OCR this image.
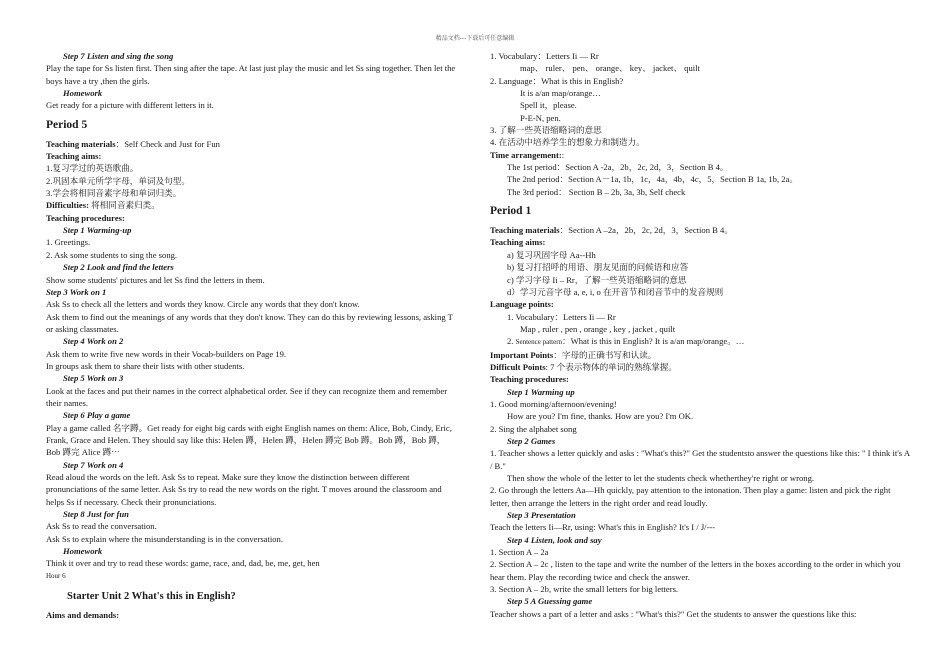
精品文档---下载后可任意编辑

Step 7 Listen and sing the song

Play the tape for Ss listen first. Then sing after the tape. At last just play the music and let Ss sing together. Then let the boys have a try ,then the girls.

Homework

Get ready for a picture with different letters in it.

Period 5

Teaching materials：Self Check and Just for Fun

Teaching aims:

1.复习学过的英语歌曲。

2.巩固本单元所学字母，单词及句型。

3.学会将相同音素字母和单词归类。

Difficulties: 将相同音素归类。

Teaching procedures:

Step 1 Warming-up

1. Greetings.

2. Ask some students to sing the song.

Step 2 Look and find the letters

Show some students' pictures and let Ss find the letters in them.

Step 3 Work on 1

Ask Ss to check all the letters and words they know. Circle any words that they don't know.

Ask them to find out the meanings of any words that they don't know. They can do this by reviewing lessons, asking T or asking classmates.

Step 4 Work on 2

Ask them to write five new words in their Vocab-builders on Page 19.

In groups ask them to share their lists with other students.

Step 5 Work on 3

Look at the faces and put their names in the correct alphabetical order. See if they can recognize them and remember their names.

Step 6 Play a game

Play a game called 名字蹲。Get ready for eight big cards with eight English names on them: Alice, Bob, Cindy, Eric, Frank, Grace and Helen. They should say like this: Helen 蹲，Helen 蹲，Helen 蹲完 Bob 蹲。Bob 蹲，Bob 蹲，Bob 蹲完 Alice 蹲⋯

Step 7 Work on 4

Read aloud the words on the left. Ask Ss to repeat. Make sure they know the distinction between different pronunciations of the same letter. Ask Ss try to read the new words on the right. T moves around the classroom and helps Ss if necessary. Check their pronunciations.

Step 8 Just for fun

Ask Ss to read the conversation.

Ask Ss to explain where the misunderstanding is in the conversation.

Homework

Think it over and try to read these words: game, race, and, dad, be, me, get, hen

Hour 6

Starter Unit 2 What's this in English?

Aims and demands:

1. Vocabulary：Letters Ii — Rr

map、 ruler、 pen、 orange、 key、 jacket、 quilt

2. Language：What is this in English?

It is a/an map/orange…

Spell it，please.

P-E-N, pen.

3. 了解一些英语缩略词的意思

4. 在活动中培养学生的想象力和制造力。

Time arrangement::

The 1st period：Section A -2a，2b，2c, 2d，3，Section B 4。

The 2nd period：Section A－1a, 1b，1c，4a，4b，4c，5，Section B 1a, 1b, 2a。

The 3rd period： Section B – 2b, 3a, 3b, Self check

Period 1

Teaching materials：Section A –2a，2b，2c, 2d，3，Section B 4。

Teaching aims:

a) 复习巩固字母 Aa--Hh

b) 复习打招呼的用语、朋友见面的问候语和应答

c) 学习字母 Ii – Rr，了解一些英语缩略词的意思

d）学习元音字母 a, e, i, o 在开音节和闭音节中的发音规则

Language points:

1. Vocabulary：Letters Ii — Rr

Map , ruler , pen , orange , key , jacket , quilt

2. Sentence pattern：What is this in English? It is a/an map/orange。…

Important Points：字母的正确书写和认读。

Difficult Points: 7 个表示物体的单词的熟练掌握。

Teaching procedures:

Step 1 Warming up

1. Good morning/afternoon/evening!

How are you? I'm fine, thanks. How are you? I'm OK.

2. Sing the alphabet song

Step 2 Games

1. Teacher shows a letter quickly and asks : "What's this?" Get the studentsto answer the questions like this: " I think it's A / B."

Then show the whole of the letter to let the students check whetherthey're right or wrong.

2. Go through the letters Aa—Hh quickly, pay attention to the intonation. Then play a game: listen and pick the right letter, then arrange the letters in the right order and read loudly.

Step 3 Presentation

Teach the letters Ii—Rr, using: What's this in English? It's I / J/---

Step 4 Listen, look and say

1. Section A – 2a

2. Section A – 2c , listen to the tape and write the number of the letters in the boxes according to the order in which you hear them. Play the recording twice and check the answer.

3. Section A – 2b, write the small letters for big letters.

Step 5 A Guessing game

Teacher shows a part of a letter and asks : "What's this?" Get the students to answer the questions like this:
